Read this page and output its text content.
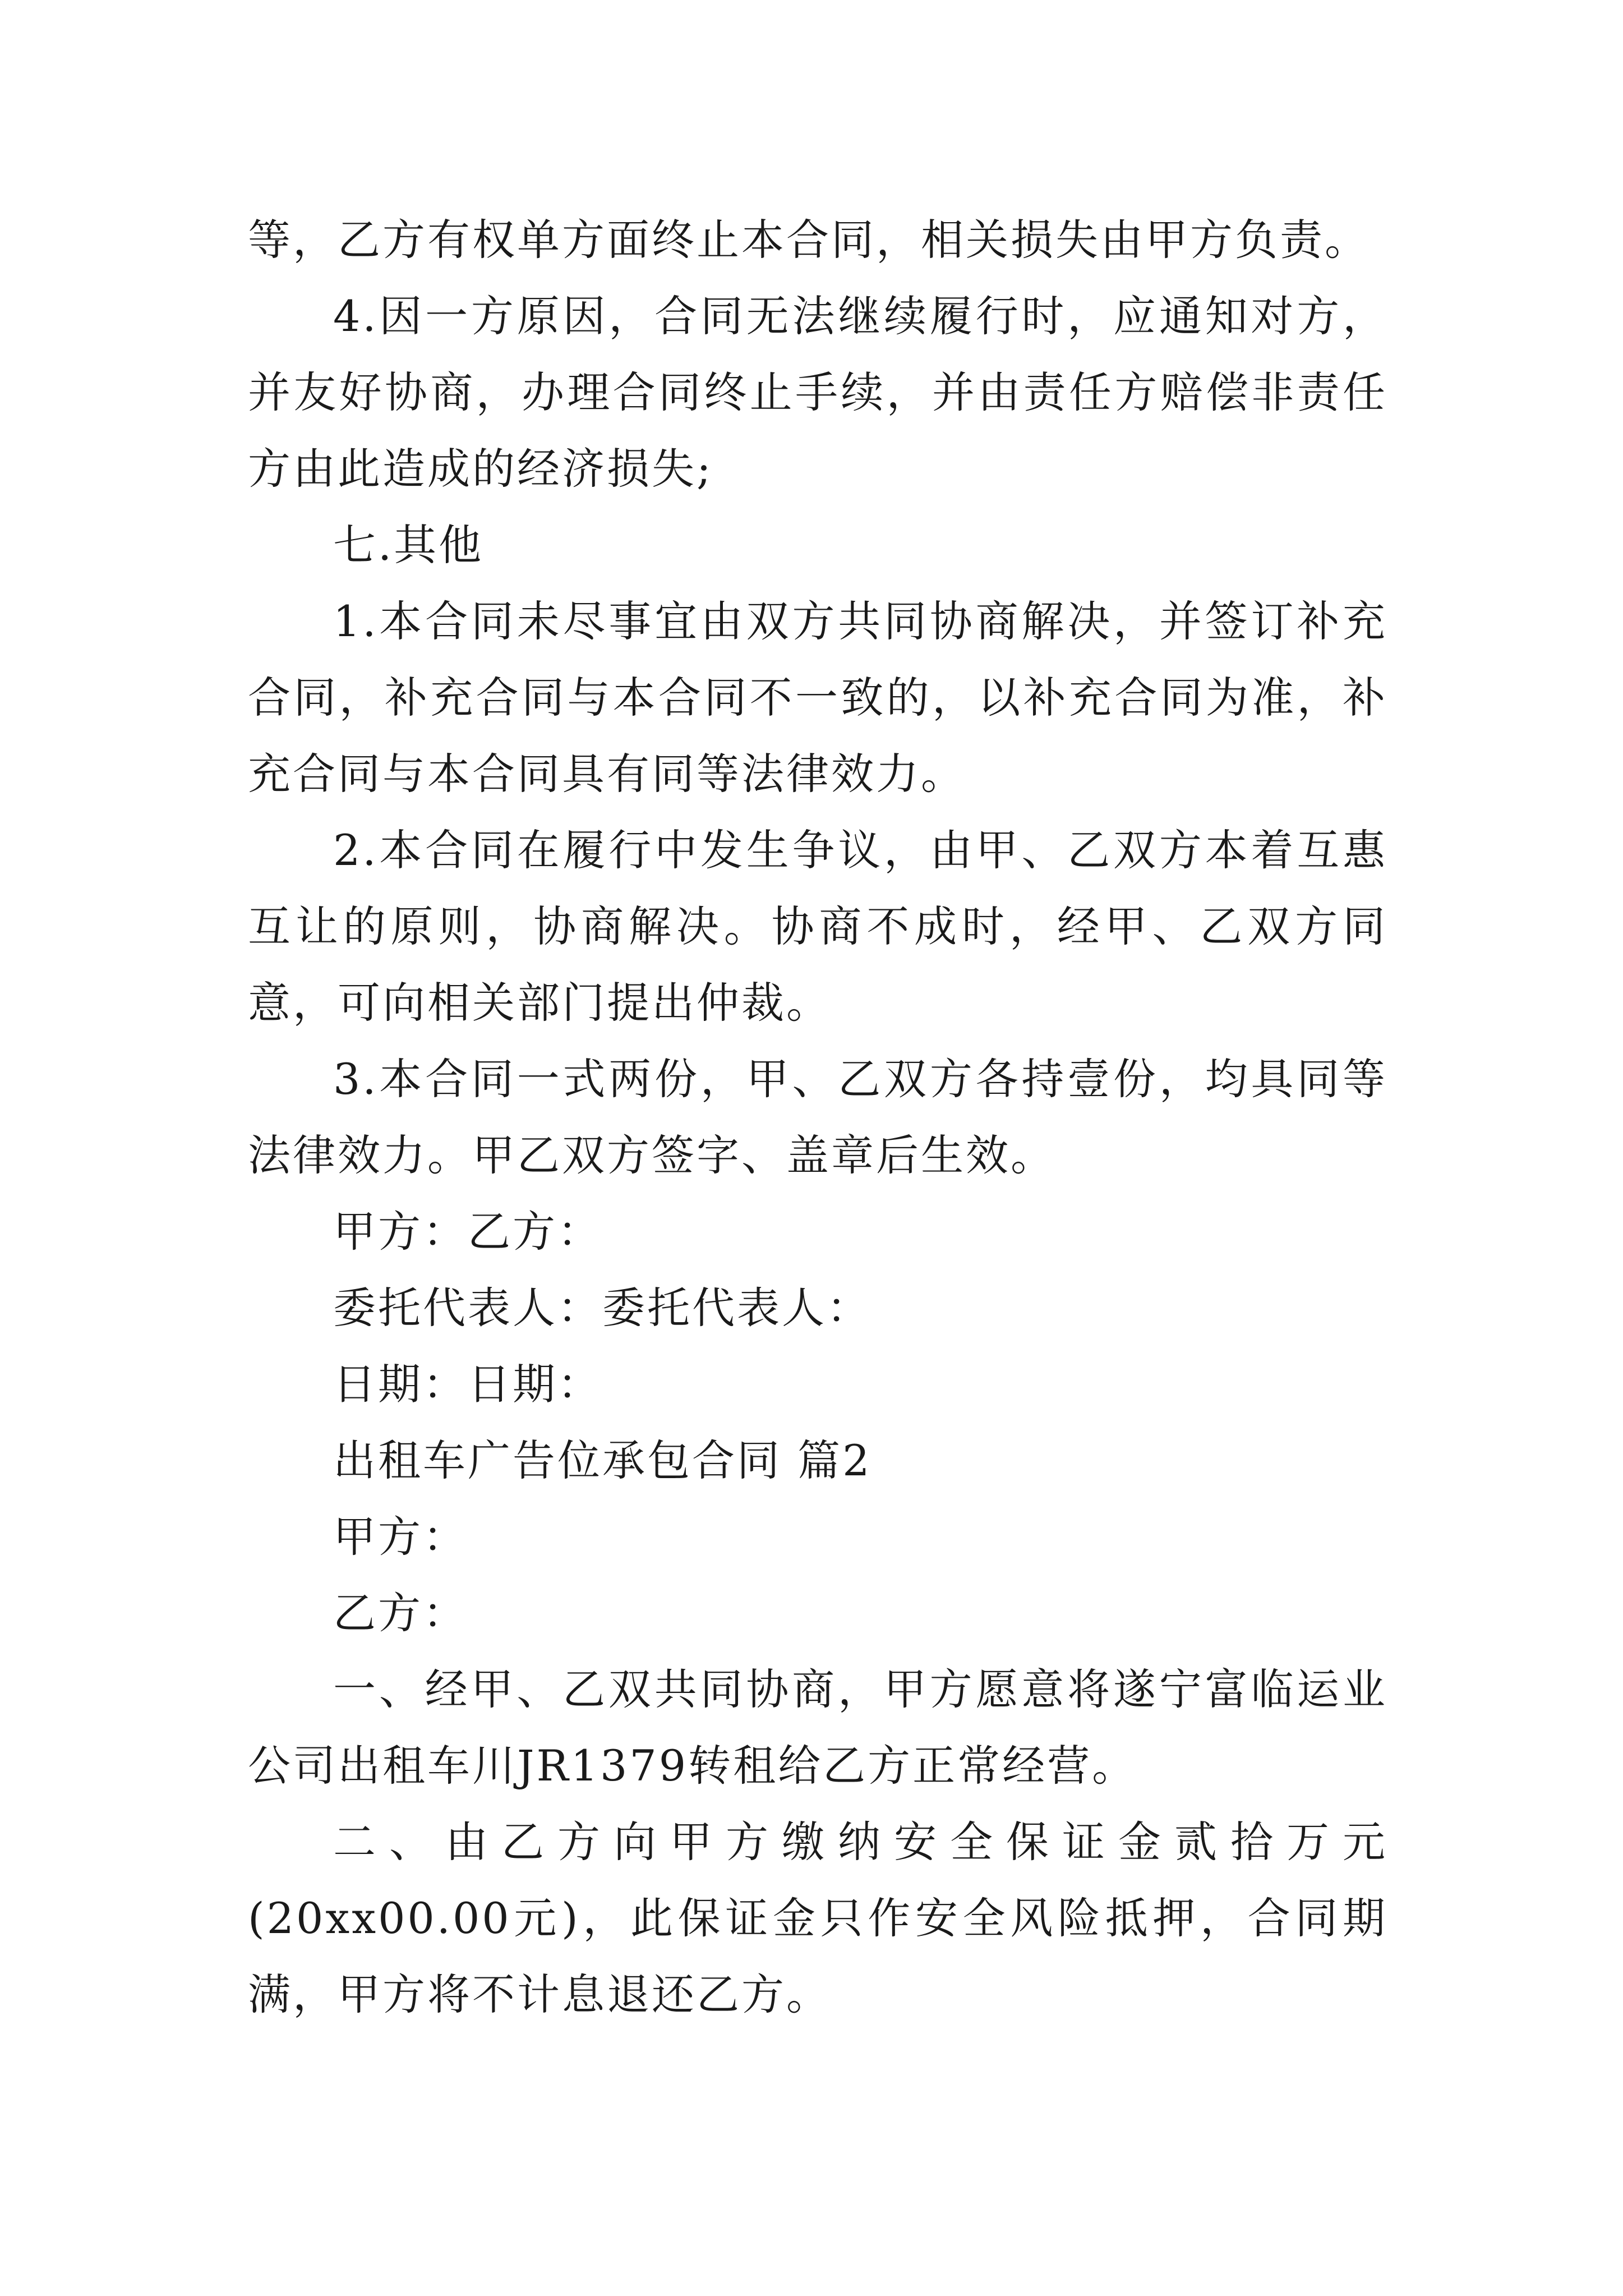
等，乙方有权单方面终止本合同，相关损失由甲方负责。

4.因一方原因，合同无法继续履行时，应通知对方，并友好协商，办理合同终止手续，并由责任方赔偿非责任方由此造成的经济损失;

七.其他

1.本合同未尽事宜由双方共同协商解决，并签订补充合同，补充合同与本合同不一致的，以补充合同为准，补充合同与本合同具有同等法律效力。

2.本合同在履行中发生争议，由甲、乙双方本着互惠互让的原则，协商解决。协商不成时，经甲、乙双方同意，可向相关部门提出仲裁。

3.本合同一式两份，甲、乙双方各持壹份，均具同等法律效力。甲乙双方签字、盖章后生效。

甲方：乙方：

委托代表人：委托代表人：

日期：日期：

出租车广告位承包合同 篇2

甲方：

乙方：

一、经甲、乙双共同协商，甲方愿意将遂宁富临运业公司出租车川JR1379转租给乙方正常经营。

二、由乙方向甲方缴纳安全保证金贰拾万元(20xx00.00元)，此保证金只作安全风险抵押，合同期满，甲方将不计息退还乙方。
